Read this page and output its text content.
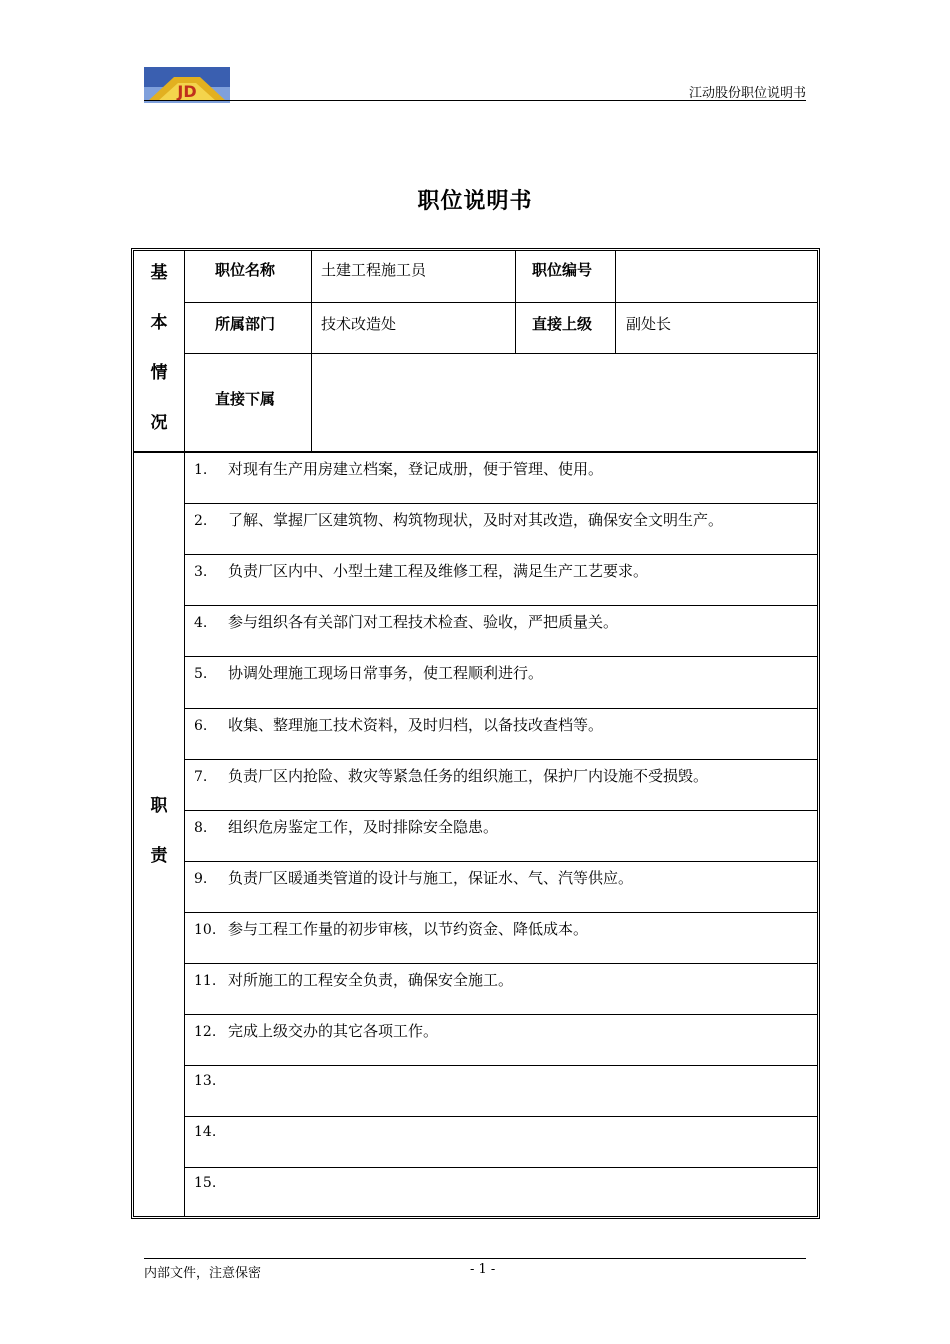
JD	江动股份职位说明书
职位说明书
基
本
情
况
职位名称	土建工程施工员	职位编号
所属部门	技术改造处	直接上级 副处长
直接下属
职
责
1. 对现有生产用房建立档案，登记成册，便于管理、使用。
2. 了解、掌握厂区建筑物、构筑物现状，及时对其改造，确保安全文明生产。
3. 负责厂区内中、小型土建工程及维修工程，满足生产工艺要求。
4. 参与组织各有关部门对工程技术检查、验收，严把质量关。
5. 协调处理施工现场日常事务，使工程顺利进行。
6. 收集、整理施工技术资料，及时归档，以备技改查档等。
7. 负责厂区内抢险、救灾等紧急任务的组织施工，保护厂内设施不受损毁。
8. 组织危房鉴定工作，及时排除安全隐患。
9. 负责厂区暖通类管道的设计与施工，保证水、气、汽等供应。
10. 参与工程工作量的初步审核，以节约资金、降低成本。
11. 对所施工的工程安全负责，确保安全施工。
12. 完成上级交办的其它各项工作。
13.
14.
15.
内部文件，注意保密	- 1 -
